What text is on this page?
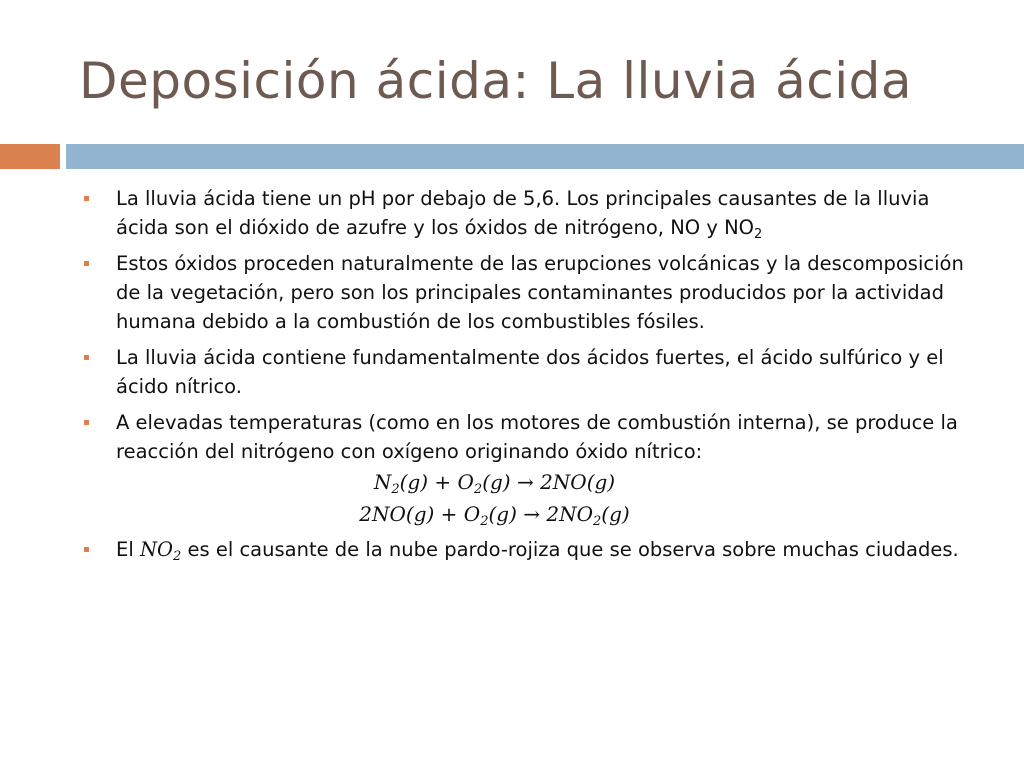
Deposición ácida: La lluvia ácida
La lluvia ácida tiene un pH por debajo de 5,6. Los principales causantes de la lluvia ácida son el dióxido de azufre y los óxidos de nitrógeno, NO y $NO_2$
Estos óxidos proceden naturalmente de las erupciones volcánicas y la descomposición de la vegetación, pero son los principales contaminantes producidos por la actividad humana debido a la combustión de los combustibles fósiles.
La lluvia ácida contiene fundamentalmente dos ácidos fuertes, el ácido sulfúrico y el ácido nítrico.
A elevadas temperaturas (como en los motores de combustión interna), se produce la reacción del nitrógeno con oxígeno originando óxido nítrico:
$N_2(g) + O_2(g) \to 2NO(g)$
$2NO(g) + O_2(g) \to 2NO_2(g)$
El $NO_2$ es el causante de la nube pardo-rojiza que se observa sobre muchas ciudades.
